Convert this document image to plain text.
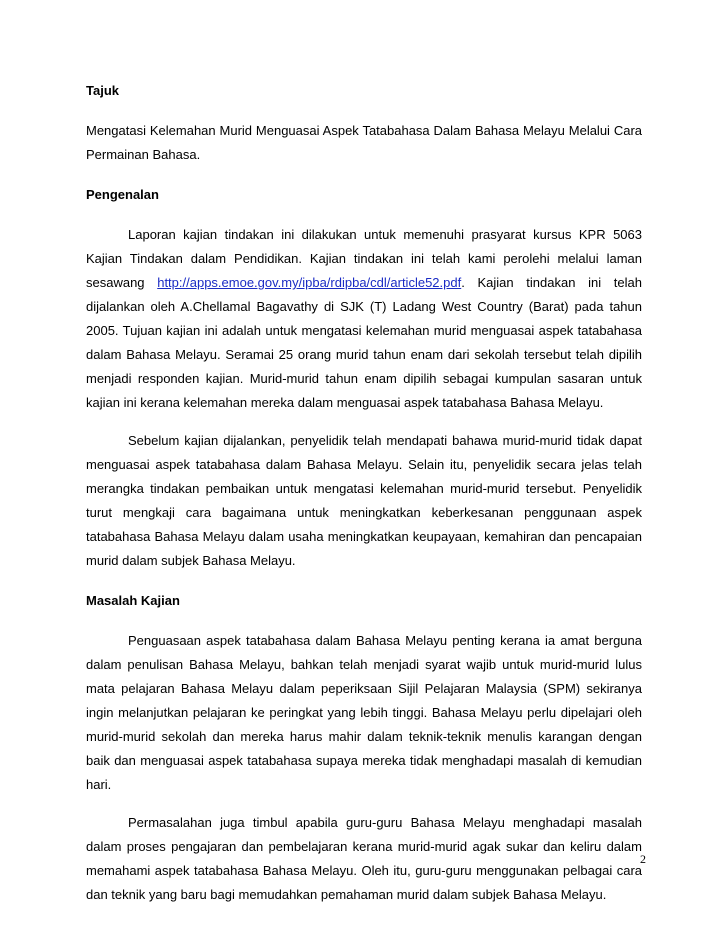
Tajuk

Mengatasi Kelemahan Murid Menguasai Aspek Tatabahasa Dalam Bahasa Melayu Melalui Cara Permainan Bahasa.

Pengenalan

Laporan kajian tindakan ini dilakukan untuk memenuhi prasyarat kursus KPR 5063 Kajian Tindakan dalam Pendidikan. Kajian tindakan ini telah kami perolehi melalui laman sesawang http://apps.emoe.gov.my/ipba/rdipba/cdl/article52.pdf. Kajian tindakan ini telah dijalankan oleh A.Chellamal Bagavathy di SJK (T) Ladang West Country (Barat) pada tahun 2005. Tujuan kajian ini adalah untuk mengatasi kelemahan murid menguasai aspek tatabahasa dalam Bahasa Melayu. Seramai 25 orang murid tahun enam dari sekolah tersebut telah dipilih menjadi responden kajian. Murid-murid tahun enam dipilih sebagai kumpulan sasaran untuk kajian ini kerana kelemahan mereka dalam menguasai aspek tatabahasa Bahasa Melayu.

Sebelum kajian dijalankan, penyelidik telah mendapati bahawa murid-murid tidak dapat menguasai aspek tatabahasa dalam Bahasa Melayu. Selain itu, penyelidik secara jelas telah merangka tindakan pembaikan untuk mengatasi kelemahan murid-murid tersebut. Penyelidik turut mengkaji cara bagaimana untuk meningkatkan keberkesanan penggunaan aspek tatabahasa Bahasa Melayu dalam usaha meningkatkan keupayaan, kemahiran dan pencapaian murid dalam subjek Bahasa Melayu.

Masalah Kajian

Penguasaan aspek tatabahasa dalam Bahasa Melayu penting kerana ia amat berguna dalam penulisan Bahasa Melayu, bahkan telah menjadi syarat wajib untuk murid-murid lulus mata pelajaran Bahasa Melayu dalam peperiksaan Sijil Pelajaran Malaysia (SPM) sekiranya ingin melanjutkan pelajaran ke peringkat yang lebih tinggi. Bahasa Melayu perlu dipelajari oleh murid-murid sekolah dan mereka harus mahir dalam teknik-teknik menulis karangan dengan baik dan menguasai aspek tatabahasa supaya mereka tidak menghadapi masalah di kemudian hari.

Permasalahan juga timbul apabila guru-guru Bahasa Melayu menghadapi masalah dalam proses pengajaran dan pembelajaran kerana murid-murid agak sukar dan keliru dalam memahami aspek tatabahasa Bahasa Melayu. Oleh itu, guru-guru menggunakan pelbagai cara dan teknik yang baru bagi memudahkan pemahaman murid dalam subjek Bahasa Melayu.

2
